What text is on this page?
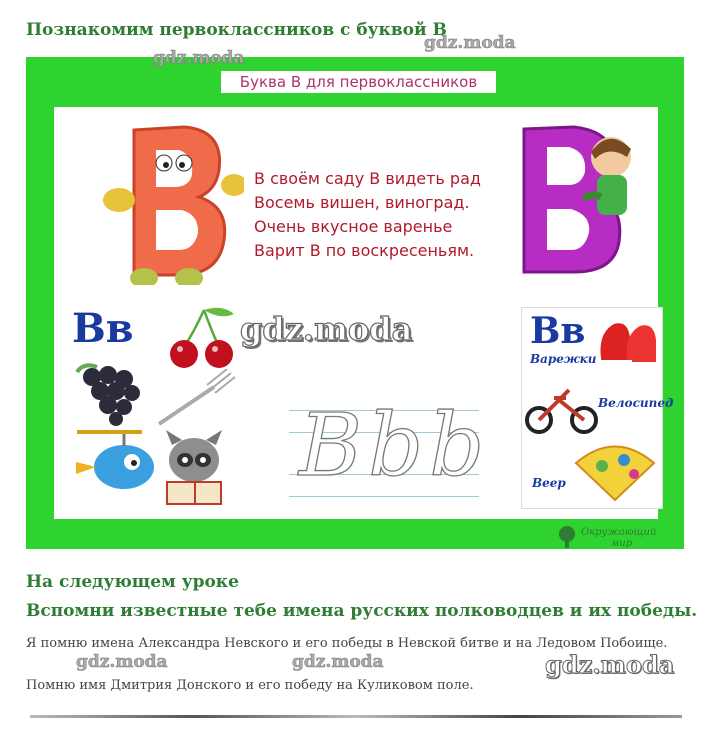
Познакомим первоклассников с буквой В
gdz.moda
gdz.moda
Буква В для первоклассников
В своём саду В видеть рад
Восемь вишен, виноград.
Очень вкусное варенье
Варит В по воскресеньям.
Вв
Bbb
Вв
Варежки
Велосипед
Веер
Окружающий
мир
gdz.moda
На следующем уроке
Вспомни известные тебе имена русских полководцев и их победы.
Я помню имена Александра Невского и его победы в Невской битве и на Ледовом Побоище.
gdz.moda	gdz.moda	gdz.moda
Помню имя Дмитрия Донского и его победу на Куликовом поле.
